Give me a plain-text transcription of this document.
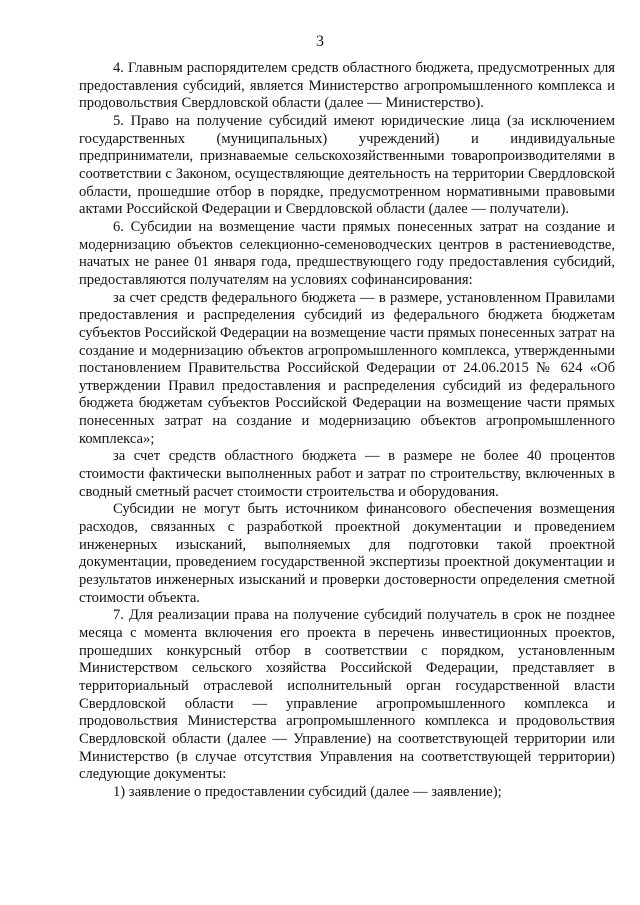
3

4. Главным распорядителем средств областного бюджета, предусмотренных для предоставления субсидий, является Министерство агропромышленного комплекса и продовольствия Свердловской области (далее — Министерство).

5. Право на получение субсидий имеют юридические лица (за исключением государственных (муниципальных) учреждений) и индивидуальные предприниматели, признаваемые сельскохозяйственными товаропроизводителями в соответствии с Законом, осуществляющие деятельность на территории Свердловской области, прошедшие отбор в порядке, предусмотренном нормативными правовыми актами Российской Федерации и Свердловской области (далее — получатели).

6. Субсидии на возмещение части прямых понесенных затрат на создание и модернизацию объектов селекционно-семеноводческих центров в растениеводстве, начатых не ранее 01 января года, предшествующего году предоставления субсидий, предоставляются получателям на условиях софинансирования:

за счет средств федерального бюджета — в размере, установленном Правилами предоставления и распределения субсидий из федерального бюджета бюджетам субъектов Российской Федерации на возмещение части прямых понесенных затрат на создание и модернизацию объектов агропромышленного комплекса, утвержденными постановлением Правительства Российской Федерации от 24.06.2015 № 624 «Об утверждении Правил предоставления и распределения субсидий из федерального бюджета бюджетам субъектов Российской Федерации на возмещение части прямых понесенных затрат на создание и модернизацию объектов агропромышленного комплекса»;

за счет средств областного бюджета — в размере не более 40 процентов стоимости фактически выполненных работ и затрат по строительству, включенных в сводный сметный расчет стоимости строительства и оборудования.

Субсидии не могут быть источником финансового обеспечения возмещения расходов, связанных с разработкой проектной документации и проведением инженерных изысканий, выполняемых для подготовки такой проектной документации, проведением государственной экспертизы проектной документации и результатов инженерных изысканий и проверки достоверности определения сметной стоимости объекта.

7. Для реализации права на получение субсидий получатель в срок не позднее месяца с момента включения его проекта в перечень инвестиционных проектов, прошедших конкурсный отбор в соответствии с порядком, установленным Министерством сельского хозяйства Российской Федерации, представляет в территориальный отраслевой исполнительный орган государственной власти Свердловской области — управление агропромышленного комплекса и продовольствия Министерства агропромышленного комплекса и продовольствия Свердловской области (далее — Управление) на соответствующей территории или Министерство (в случае отсутствия Управления на соответствующей территории) следующие документы:

1) заявление о предоставлении субсидий (далее — заявление);
